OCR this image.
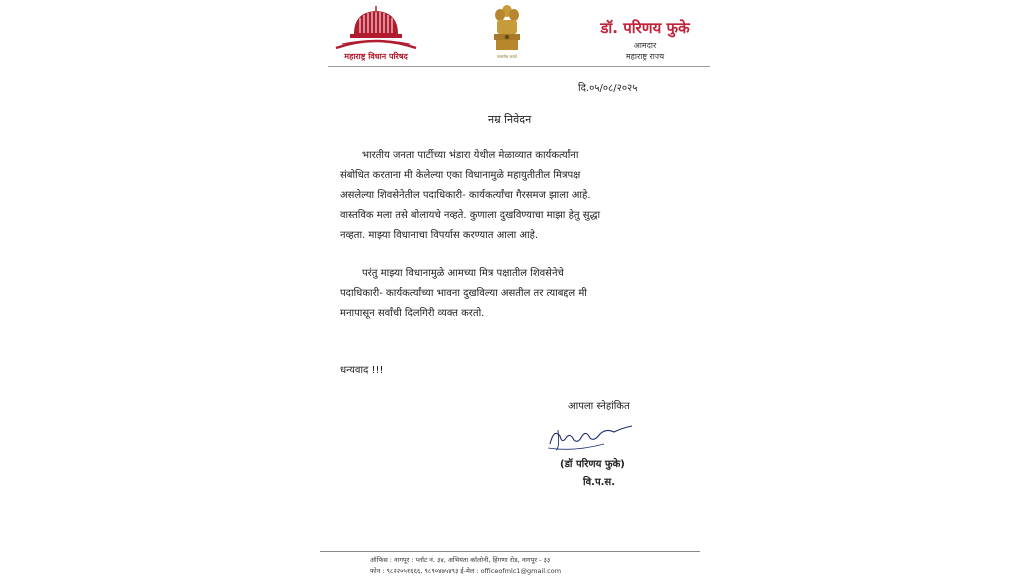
महाराष्ट्र विधान परिषद	सत्यमेव जयते
डॉ. परिणय फुके
आमदार
महाराष्ट्र राज्य
दि.०५/०८/२०२५
नम्र निवेदन
भारतीय जनता पार्टीच्या भंडारा येथील मेळाव्यात कार्यकर्त्यांना
संबोधित करताना मी केलेल्या एका विधानामुळे महायुतीतील मित्रपक्ष
असलेल्या शिवसेनेतील पदाधिकारी- कार्यकर्त्यांचा गैरसमज झाला आहे.
वास्तविक मला तसे बोलायचे नव्हते. कुणाला दुखविण्याचा माझा हेतु सुद्धा
नव्हता. माझ्या विधानाचा विपर्यास करण्यात आला आहे.
परंतु माझ्या विधानामुळे आमच्या मित्र पक्षातील शिवसेनेचे
पदाधिकारी- कार्यकर्त्यांच्या भावना दुखविल्या असतील तर त्याबद्दल मी
मनापासून सर्वांची दिलगिरी व्यक्त करतो.
धन्यवाद !!!
आपला स्नेहांकित
(डॉ परिणय फुके)
वि.प.स.
ऑफिस : नागपूर : प्लॉट नं. ३४, अभियंता कॉलोनी, हिंगणा रोड, नागपूर - ३३
फोन : ९८२२०५१६६६, ९८९०४७५४९३ ई-मेल : officeofmlc1@gmail.com
